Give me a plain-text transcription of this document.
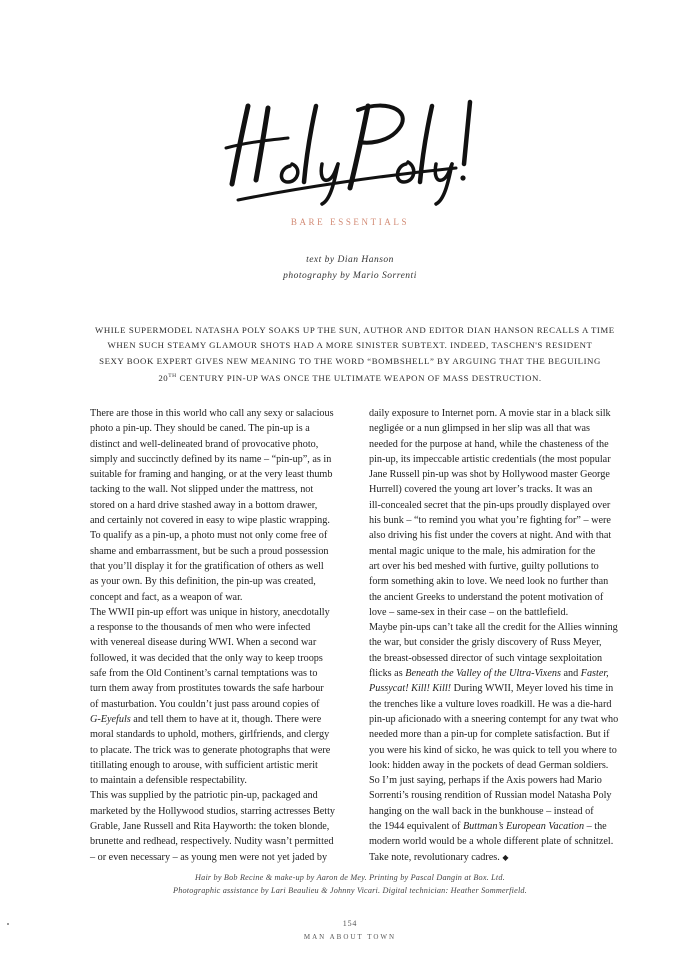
BARE ESSENTIALS
text by Dian Hanson
photography by Mario Sorrenti
WHILE SUPERMODEL NATASHA POLY SOAKS UP THE SUN, AUTHOR AND EDITOR DIAN HANSON RECALLS A TIME
WHEN SUCH STEAMY GLAMOUR SHOTS HAD A MORE SINISTER SUBTEXT. INDEED, TASCHEN'S RESIDENT
SEXY BOOK EXPERT GIVES NEW MEANING TO THE WORD “BOMBSHELL” BY ARGUING THAT THE BEGUILING
20TH CENTURY PIN-UP WAS ONCE THE ULTIMATE WEAPON OF MASS DESTRUCTION.
There are those in this world who call any sexy or salacious
photo a pin-up. They should be caned. The pin-up is a
distinct and well-delineated brand of provocative photo,
simply and succinctly defined by its name – “pin-up”, as in
suitable for framing and hanging, or at the very least thumb
tacking to the wall. Not slipped under the mattress, not
stored on a hard drive stashed away in a bottom drawer,
and certainly not covered in easy to wipe plastic wrapping.
To qualify as a pin-up, a photo must not only come free of
shame and embarrassment, but be such a proud possession
that you’ll display it for the gratification of others as well
as your own. By this definition, the pin-up was created,
concept and fact, as a weapon of war.
The WWII pin-up effort was unique in history, anecdotally
a response to the thousands of men who were infected
with venereal disease during WWI. When a second war
followed, it was decided that the only way to keep troops
safe from the Old Continent’s carnal temptations was to
turn them away from prostitutes towards the safe harbour
of masturbation. You couldn’t just pass around copies of
G-Eyefuls and tell them to have at it, though. There were
moral standards to uphold, mothers, girlfriends, and clergy
to placate. The trick was to generate photographs that were
titillating enough to arouse, with sufficient artistic merit
to maintain a defensible respectability.
This was supplied by the patriotic pin-up, packaged and
marketed by the Hollywood studios, starring actresses Betty
Grable, Jane Russell and Rita Hayworth: the token blonde,
brunette and redhead, respectively. Nudity wasn’t permitted
– or even necessary – as young men were not yet jaded by
daily exposure to Internet porn. A movie star in a black silk
negligée or a nun glimpsed in her slip was all that was
needed for the purpose at hand, while the chasteness of the
pin-up, its impeccable artistic credentials (the most popular
Jane Russell pin-up was shot by Hollywood master George
Hurrell) covered the young art lover’s tracks. It was an
ill-concealed secret that the pin-ups proudly displayed over
his bunk – “to remind you what you’re fighting for” – were
also driving his fist under the covers at night. And with that
mental magic unique to the male, his admiration for the
art over his bed meshed with furtive, guilty pollutions to
form something akin to love. We need look no further than
the ancient Greeks to understand the potent motivation of
love – same-sex in their case – on the battlefield.
Maybe pin-ups can’t take all the credit for the Allies winning
the war, but consider the grisly discovery of Russ Meyer,
the breast-obsessed director of such vintage sexploitation
flicks as Beneath the Valley of the Ultra-Vixens and Faster,
Pussycat! Kill! Kill! During WWII, Meyer loved his time in
the trenches like a vulture loves roadkill. He was a die-hard
pin-up aficionado with a sneering contempt for any twat who
needed more than a pin-up for complete satisfaction. But if
you were his kind of sicko, he was quick to tell you where to
look: hidden away in the pockets of dead German soldiers.
So I’m just saying, perhaps if the Axis powers had Mario
Sorrenti’s rousing rendition of Russian model Natasha Poly
hanging on the wall back in the bunkhouse – instead of
the 1944 equivalent of Buttman’s European Vacation – the
modern world would be a whole different plate of schnitzel.
Take note, revolutionary cadres. ◆
Hair by Bob Recine & make-up by Aaron de Mey. Printing by Pascal Dangin at Box. Ltd.
Photographic assistance by Lari Beaulieu & Johnny Vicari. Digital technician: Heather Sommerfield.
154
MAN ABOUT TOWN
